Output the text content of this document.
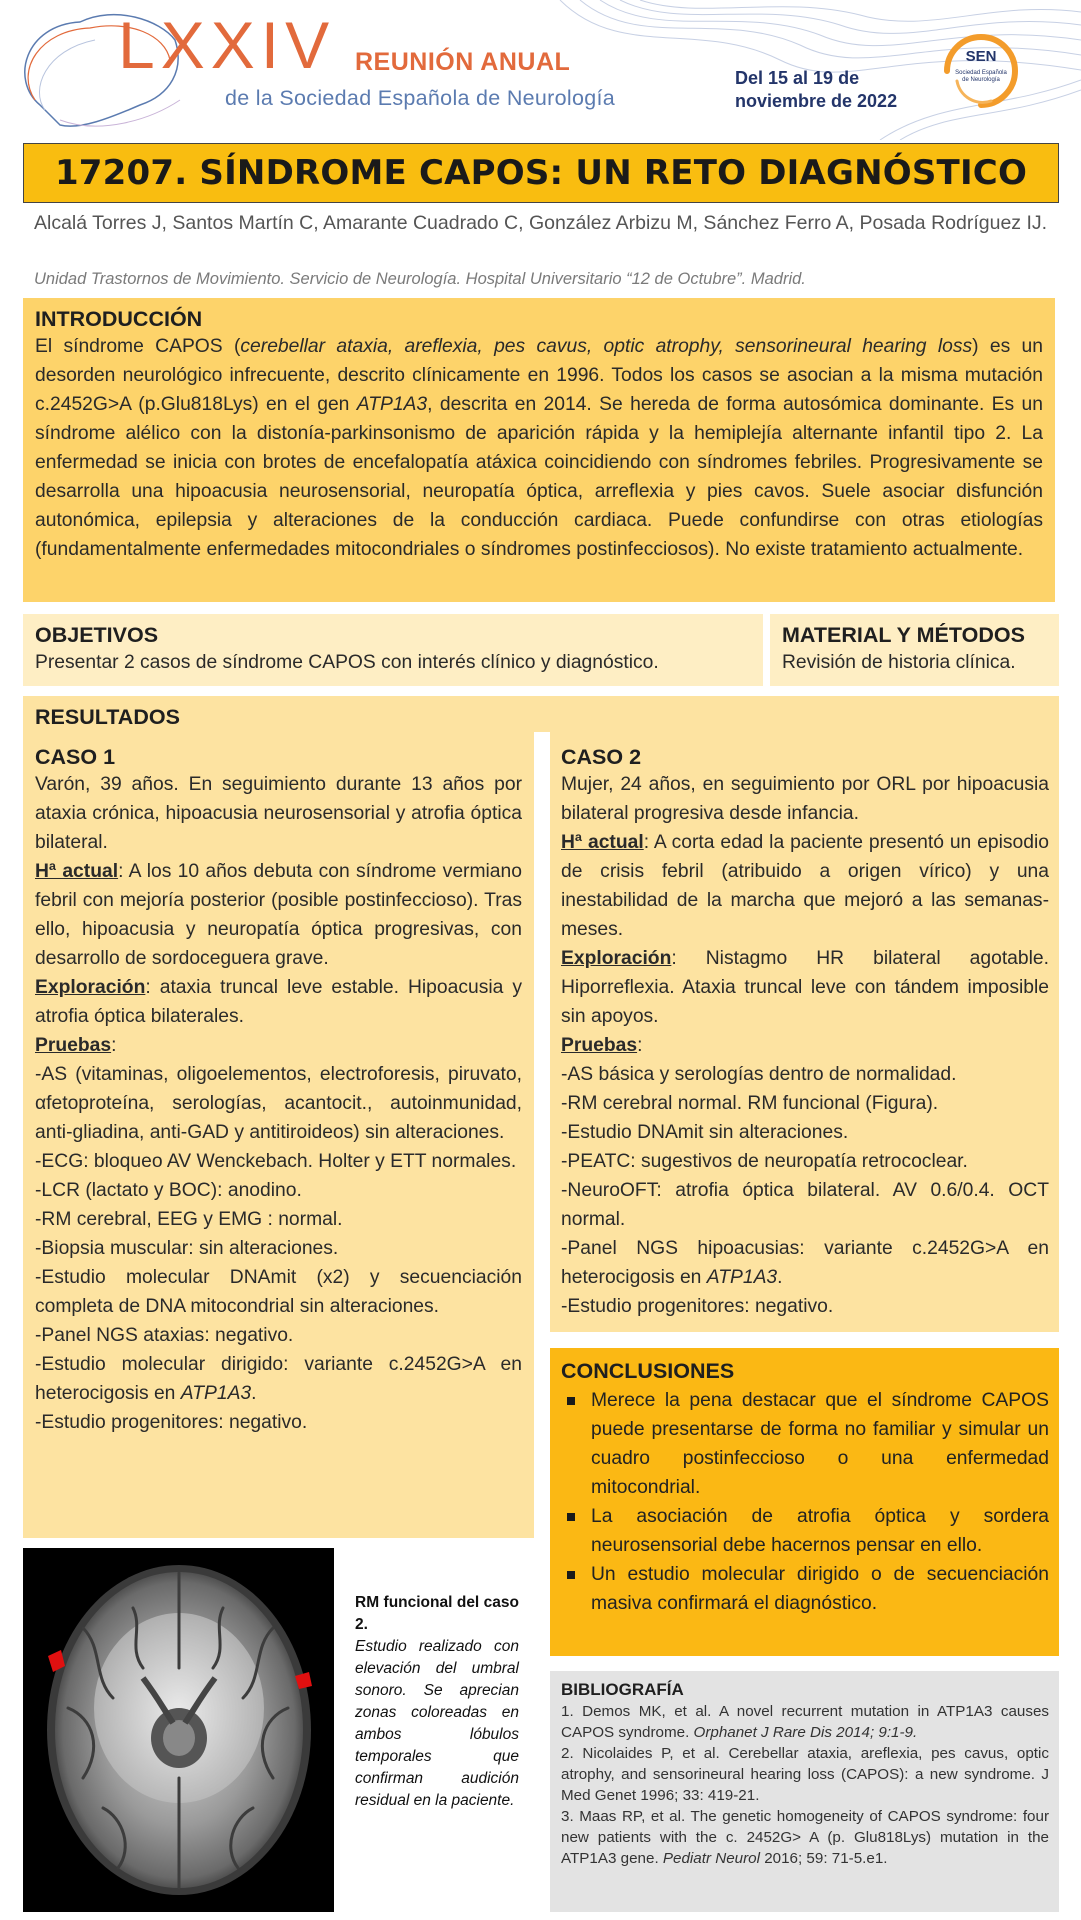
LXXIV REUNIÓN ANUAL
de la Sociedad Española de Neurología
Del 15 al 19 de
noviembre de 2022
SEN
Sociedad Española de Neurología
17207. SÍNDROME CAPOS: UN RETO DIAGNÓSTICO
Alcalá Torres J, Santos Martín C, Amarante Cuadrado C, González Arbizu M, Sánchez Ferro A, Posada Rodríguez IJ.
Unidad Trastornos de Movimiento. Servicio de Neurología. Hospital Universitario “12 de Octubre”. Madrid.
INTRODUCCIÓN

El síndrome CAPOS (cerebellar ataxia, areflexia, pes cavus, optic atrophy, sensorineural hearing loss) es un desorden neurológico infrecuente, descrito clínicamente en 1996. Todos los casos se asocian a la misma mutación c.2452G>A (p.Glu818Lys) en el gen ATP1A3, descrita en 2014. Se hereda de forma autosómica dominante. Es un síndrome alélico con la distonía-parkinsonismo de aparición rápida y la hemiplejía alternante infantil tipo 2. La enfermedad se inicia con brotes de encefalopatía atáxica coincidiendo con síndromes febriles. Progresivamente se desarrolla una hipoacusia neurosensorial, neuropatía óptica, arreflexia y pies cavos. Suele asociar disfunción autonómica, epilepsia y alteraciones de la conducción cardiaca. Puede confundirse con otras etiologías (fundamentalmente enfermedades mitocondriales o síndromes postinfecciosos). No existe tratamiento actualmente.

OBJETIVOS

Presentar 2 casos de síndrome CAPOS con interés clínico y diagnóstico.

MATERIAL Y MÉTODOS

Revisión de historia clínica.

RESULTADOS
CASO 1
Varón, 39 años. En seguimiento durante 13 años por ataxia crónica, hipoacusia neurosensorial y atrofia óptica bilateral.
Hª actual: A los 10 años debuta con síndrome vermiano febril con mejoría posterior (posible postinfeccioso). Tras ello, hipoacusia y neuropatía óptica progresivas, con desarrollo de sordoceguera grave.
Exploración: ataxia truncal leve estable. Hipoacusia y atrofia óptica bilaterales.
Pruebas:
-AS (vitaminas, oligoelementos, electroforesis, piruvato, αfetoproteína, serologías, acantocit., autoinmunidad, anti-gliadina, anti-GAD y antitiroideos) sin alteraciones.
-ECG: bloqueo AV Wenckebach. Holter y ETT normales.
-LCR (lactato y BOC): anodino.
-RM cerebral, EEG y EMG : normal.
-Biopsia muscular: sin alteraciones.
-Estudio molecular DNAmit (x2) y secuenciación completa de DNA mitocondrial sin alteraciones.
-Panel NGS ataxias: negativo.
-Estudio molecular dirigido: variante c.2452G>A en heterocigosis en ATP1A3.
-Estudio progenitores: negativo.
CASO 2
Mujer, 24 años, en seguimiento por ORL por hipoacusia bilateral progresiva desde infancia.
Hª actual: A corta edad la paciente presentó un episodio de crisis febril (atribuido a origen vírico) y una inestabilidad de la marcha que mejoró a las semanas-meses.
Exploración: Nistagmo HR bilateral agotable. Hiporreflexia. Ataxia truncal leve con tándem imposible sin apoyos.
Pruebas:
-AS básica y serologías dentro de normalidad.
-RM cerebral normal. RM funcional (Figura).
-Estudio DNAmit sin alteraciones.
-PEATC: sugestivos de neuropatía retrococlear.
-NeuroOFT: atrofia óptica bilateral. AV 0.6/0.4. OCT normal.
-Panel NGS hipoacusias: variante c.2452G>A en heterocigosis en ATP1A3.
-Estudio progenitores: negativo.
CONCLUSIONES
Merece la pena destacar que el síndrome CAPOS puede presentarse de forma no familiar y simular un cuadro postinfeccioso o una enfermedad mitocondrial.
La asociación de atrofia óptica y sordera neurosensorial debe hacernos pensar en ello.
Un estudio molecular dirigido o de secuenciación masiva confirmará el diagnóstico.
BIBLIOGRAFÍA

1. Demos MK, et al. A novel recurrent mutation in ATP1A3 causes CAPOS syndrome. Orphanet J Rare Dis 2014; 9:1-9.

2. Nicolaides P, et al. Cerebellar ataxia, areflexia, pes cavus, optic atrophy, and sensorineural hearing loss (CAPOS): a new syndrome. J Med Genet 1996; 33: 419-21.

3. Maas RP, et al. The genetic homogeneity of CAPOS syndrome: four new patients with the c. 2452G> A (p. Glu818Lys) mutation in the ATP1A3 gene. Pediatr Neurol 2016; 59: 71-5.e1.

RM funcional del caso 2.
Estudio realizado con elevación del umbral sonoro. Se aprecian zonas coloreadas en ambos lóbulos temporales que confirman audición residual en la paciente.
